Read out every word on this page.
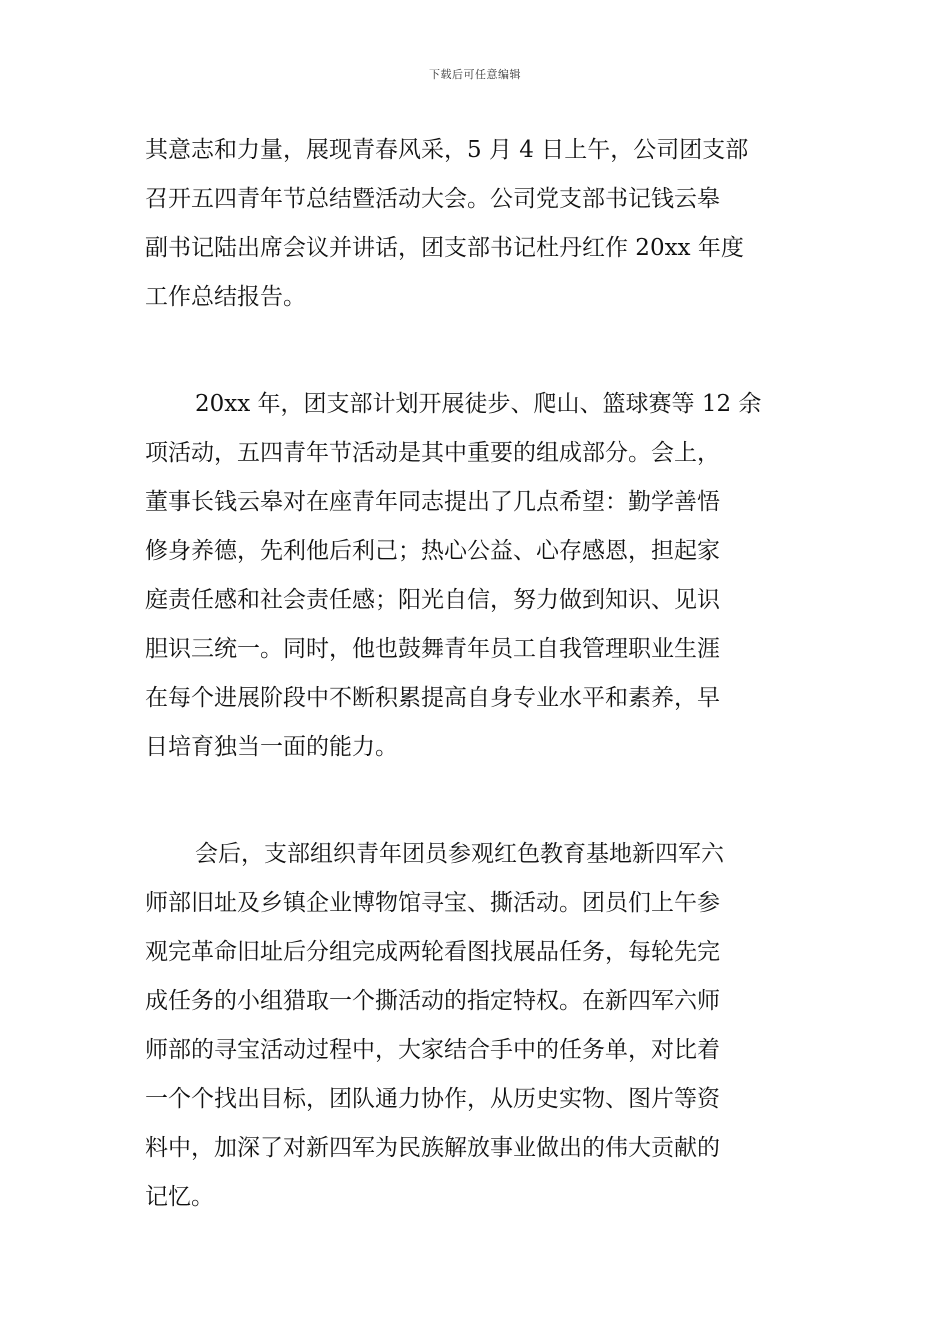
下载后可任意编辑
其意志和力量，展现青春风采，5 月 4 日上午，公司团支部
召开五四青年节总结暨活动大会。公司党支部书记钱云皋
副书记陆出席会议并讲话，团支部书记杜丹红作 20xx 年度
工作总结报告。
20xx 年，团支部计划开展徒步、爬山、篮球赛等 12 余
项活动，五四青年节活动是其中重要的组成部分。会上，
董事长钱云皋对在座青年同志提出了几点希望：勤学善悟
修身养德，先利他后利己；热心公益、心存感恩，担起家
庭责任感和社会责任感；阳光自信，努力做到知识、见识
胆识三统一。同时，他也鼓舞青年员工自我管理职业生涯
在每个进展阶段中不断积累提高自身专业水平和素养，早
日培育独当一面的能力。
会后，支部组织青年团员参观红色教育基地新四军六
师部旧址及乡镇企业博物馆寻宝、撕活动。团员们上午参
观完革命旧址后分组完成两轮看图找展品任务，每轮先完
成任务的小组猎取一个撕活动的指定特权。在新四军六师
师部的寻宝活动过程中，大家结合手中的任务单，对比着
一个个找出目标，团队通力协作，从历史实物、图片等资
料中，加深了对新四军为民族解放事业做出的伟大贡献的
记忆。
